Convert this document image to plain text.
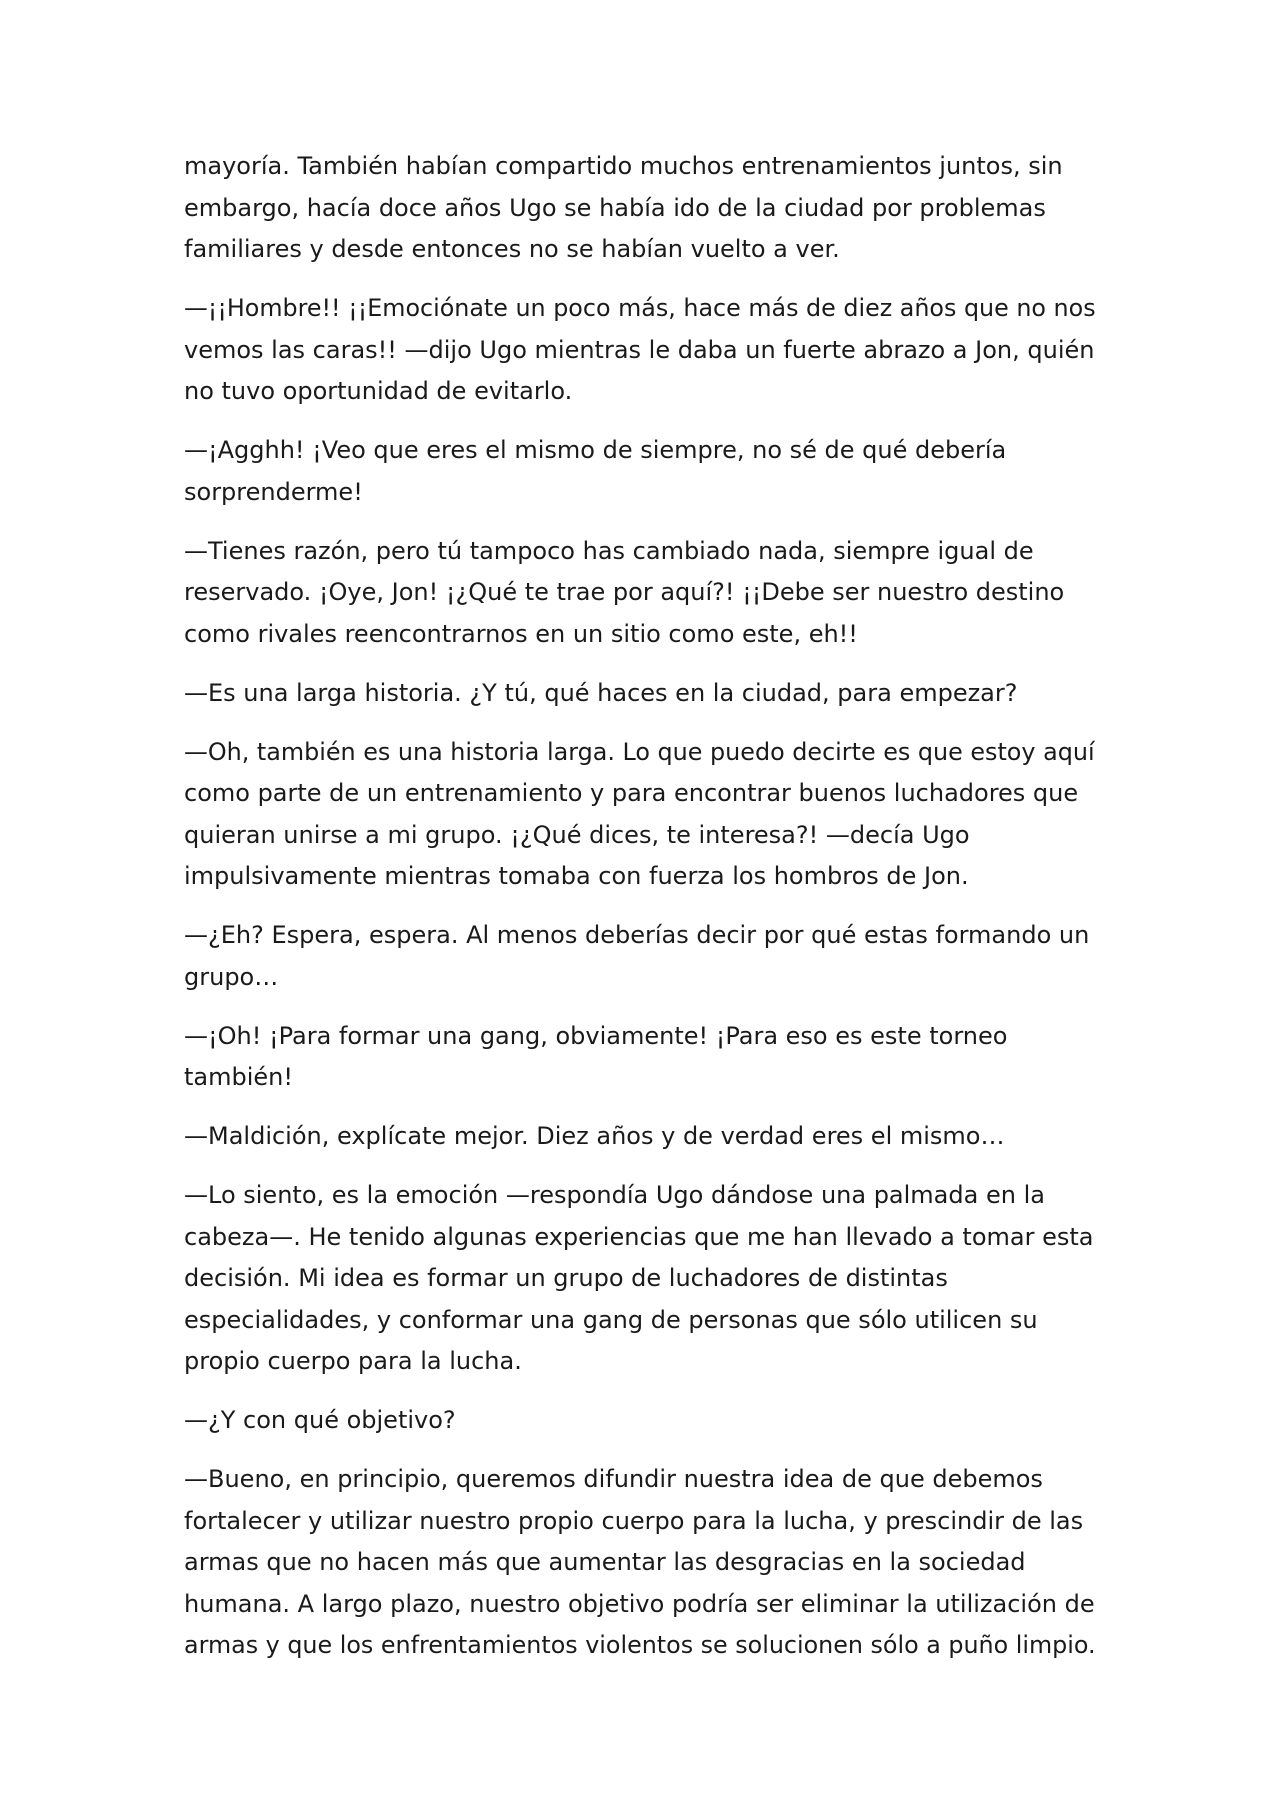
mayoría. También habían compartido muchos entrenamientos juntos, sin
embargo, hacía doce años Ugo se había ido de la ciudad por problemas
familiares y desde entonces no se habían vuelto a ver.

—¡¡Hombre!! ¡¡Emociónate un poco más, hace más de diez años que no nos
vemos las caras!! —dijo Ugo mientras le daba un fuerte abrazo a Jon, quién
no tuvo oportunidad de evitarlo.

—¡Agghh! ¡Veo que eres el mismo de siempre, no sé de qué debería
sorprenderme!

—Tienes razón, pero tú tampoco has cambiado nada, siempre igual de
reservado. ¡Oye, Jon! ¡¿Qué te trae por aquí?! ¡¡Debe ser nuestro destino
como rivales reencontrarnos en un sitio como este, eh!!

—Es una larga historia. ¿Y tú, qué haces en la ciudad, para empezar?

—Oh, también es una historia larga. Lo que puedo decirte es que estoy aquí
como parte de un entrenamiento y para encontrar buenos luchadores que
quieran unirse a mi grupo. ¡¿Qué dices, te interesa?! —decía Ugo
impulsivamente mientras tomaba con fuerza los hombros de Jon.

—¿Eh? Espera, espera. Al menos deberías decir por qué estas formando un
grupo…

—¡Oh! ¡Para formar una gang, obviamente! ¡Para eso es este torneo
también!

—Maldición, explícate mejor. Diez años y de verdad eres el mismo…

—Lo siento, es la emoción —respondía Ugo dándose una palmada en la
cabeza—. He tenido algunas experiencias que me han llevado a tomar esta
decisión. Mi idea es formar un grupo de luchadores de distintas
especialidades, y conformar una gang de personas que sólo utilicen su
propio cuerpo para la lucha.

—¿Y con qué objetivo?

—Bueno, en principio, queremos difundir nuestra idea de que debemos
fortalecer y utilizar nuestro propio cuerpo para la lucha, y prescindir de las
armas que no hacen más que aumentar las desgracias en la sociedad
humana. A largo plazo, nuestro objetivo podría ser eliminar la utilización de
armas y que los enfrentamientos violentos se solucionen sólo a puño limpio.
